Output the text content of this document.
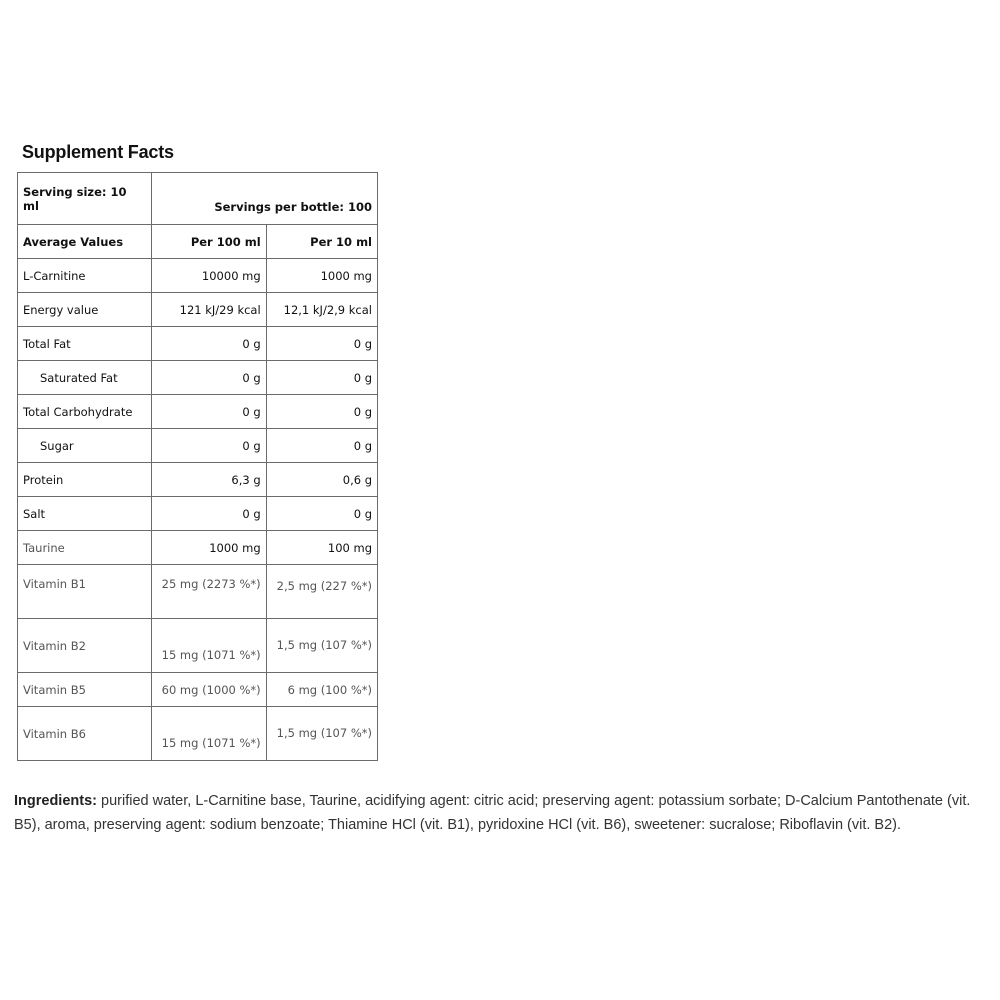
Supplement Facts
Serving size: 10 ml	Servings per bottle: 100	
Average Values	Per 100 ml	Per 10 ml
L-Carnitine	10000 mg	1000 mg
Energy value	121 kJ/29 kcal	12,1 kJ/2,9 kcal
Total Fat	0 g	0 g
Saturated Fat	0 g	0 g
Total Carbohydrate	0 g	0 g
Sugar	0 g	0 g
Protein	6,3 g	0,6 g
Salt	0 g	0 g
Taurine	1000 mg	100 mg
Vitamin B1	25 mg (2273 %*)	2,5 mg (227 %*)
Vitamin B2	15 mg (1071 %*)	1,5 mg (107 %*)
Vitamin B5	60 mg (1000 %*)	6 mg (100 %*)
Vitamin B6	15 mg (1071 %*)	1,5 mg (107 %*)
Ingredients: purified water, L-Carnitine base, Taurine, acidifying agent: citric acid; preserving agent: potassium sorbate; D-Calcium Pantothenate (vit. B5), aroma, preserving agent: sodium benzoate; Thiamine HCl (vit. B1), pyridoxine HCl (vit. B6), sweetener: sucralose; Riboflavin (vit. B2).
